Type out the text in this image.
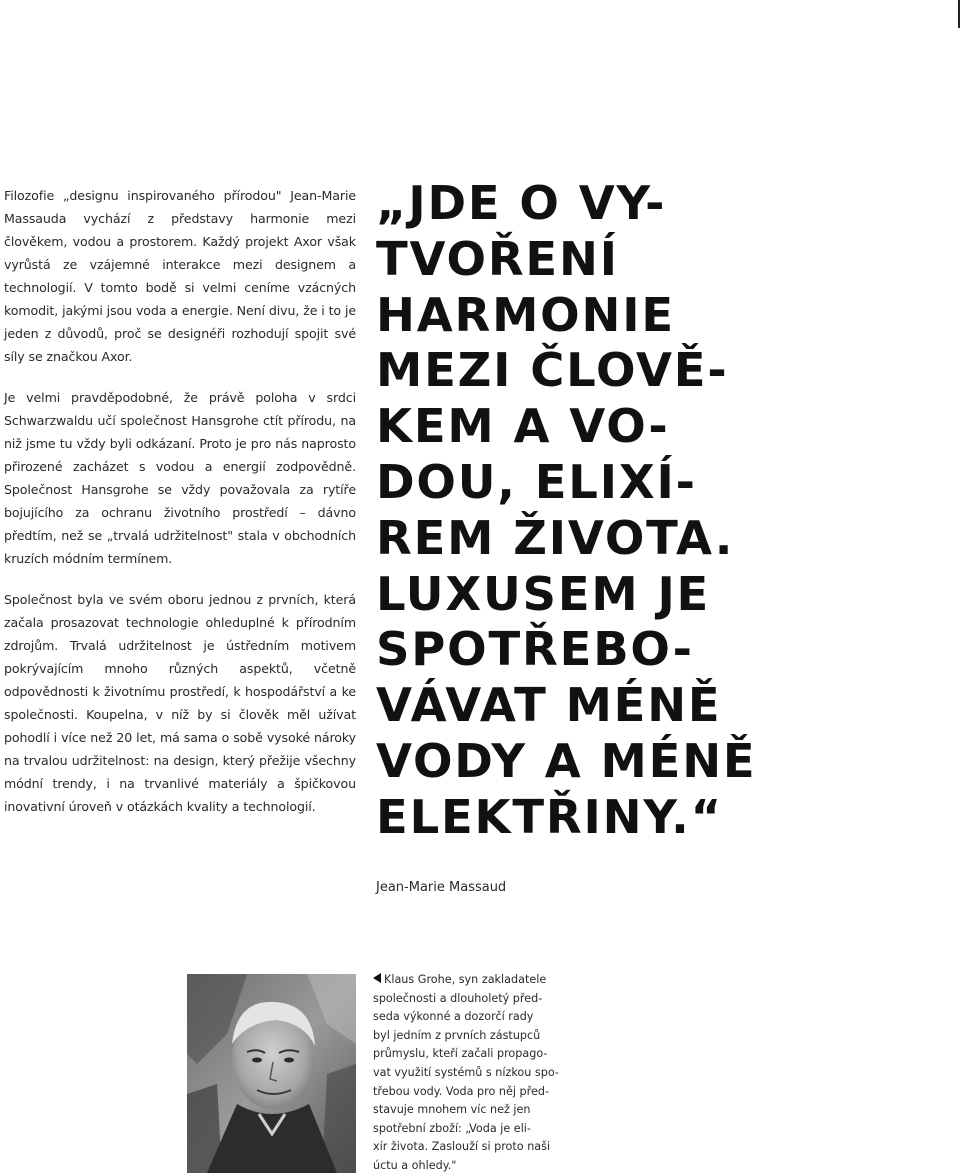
Filozofie „designu inspirovaného přírodou" Jean-Marie Massauda vychází z představy harmonie mezi člověkem, vodou a prostorem. Každý projekt Axor však vyrůstá ze vzájemné interakce mezi designem a technologií. V tomto bodě si velmi ceníme vzácných komodit, jakými jsou voda a energie. Není divu, že i to je jeden z důvodů, proč se designéři rozhodují spojit své síly se značkou Axor.

Je velmi pravděpodobné, že právě poloha v srdci Schwarzwaldu učí společnost Hansgrohe ctít přírodu, na niž jsme tu vždy byli odkázaní. Proto je pro nás naprosto přirozené zacházet s vodou a energií zodpovědně. Společnost Hansgrohe se vždy považovala za rytíře bojujícího za ochranu životního prostředí – dávno předtím, než se „trvalá udržitelnost" stala v obchodních kruzích módním termínem.

Společnost byla ve svém oboru jednou z prvních, která začala prosazovat technologie ohleduplné k přírodním zdrojům. Trvalá udržitelnost je ústředním motivem pokrývajícím mnoho různých aspektů, včetně odpovědnosti k životnímu prostředí, k hospodářství a ke společnosti. Koupelna, v níž by si člověk měl užívat pohodlí i více než 20 let, má sama o sobě vysoké nároky na trvalou udržitelnost: na design, který přežije všechny módní trendy, i na trvanlivé materiály a špičkovou inovativní úroveň v otázkách kvality a technologií.

„JDE O VY-
TVOŘENÍ
HARMONIE
MEZI ČLOVĚ-
KEM A VO-
DOU, ELIXÍ-
REM ŽIVOTA.
LUXUSEM JE
SPOTŘEBO-
VÁVAT MÉNĚ
VODY A MÉNĚ
ELEKTŘINY.“
Jean-Marie Massaud
Klaus Grohe, syn zakladatele
společnosti a dlouholetý před-
seda výkonné a dozorčí rady
byl jedním z prvních zástupců
průmyslu, kteří začali propago-
vat využití systémů s nízkou spo-
třebou vody. Voda pro něj před-
stavuje mnohem víc než jen
spotřební zboží: „Voda je eli-
xír života. Zaslouží si proto naši
úctu a ohledy."
